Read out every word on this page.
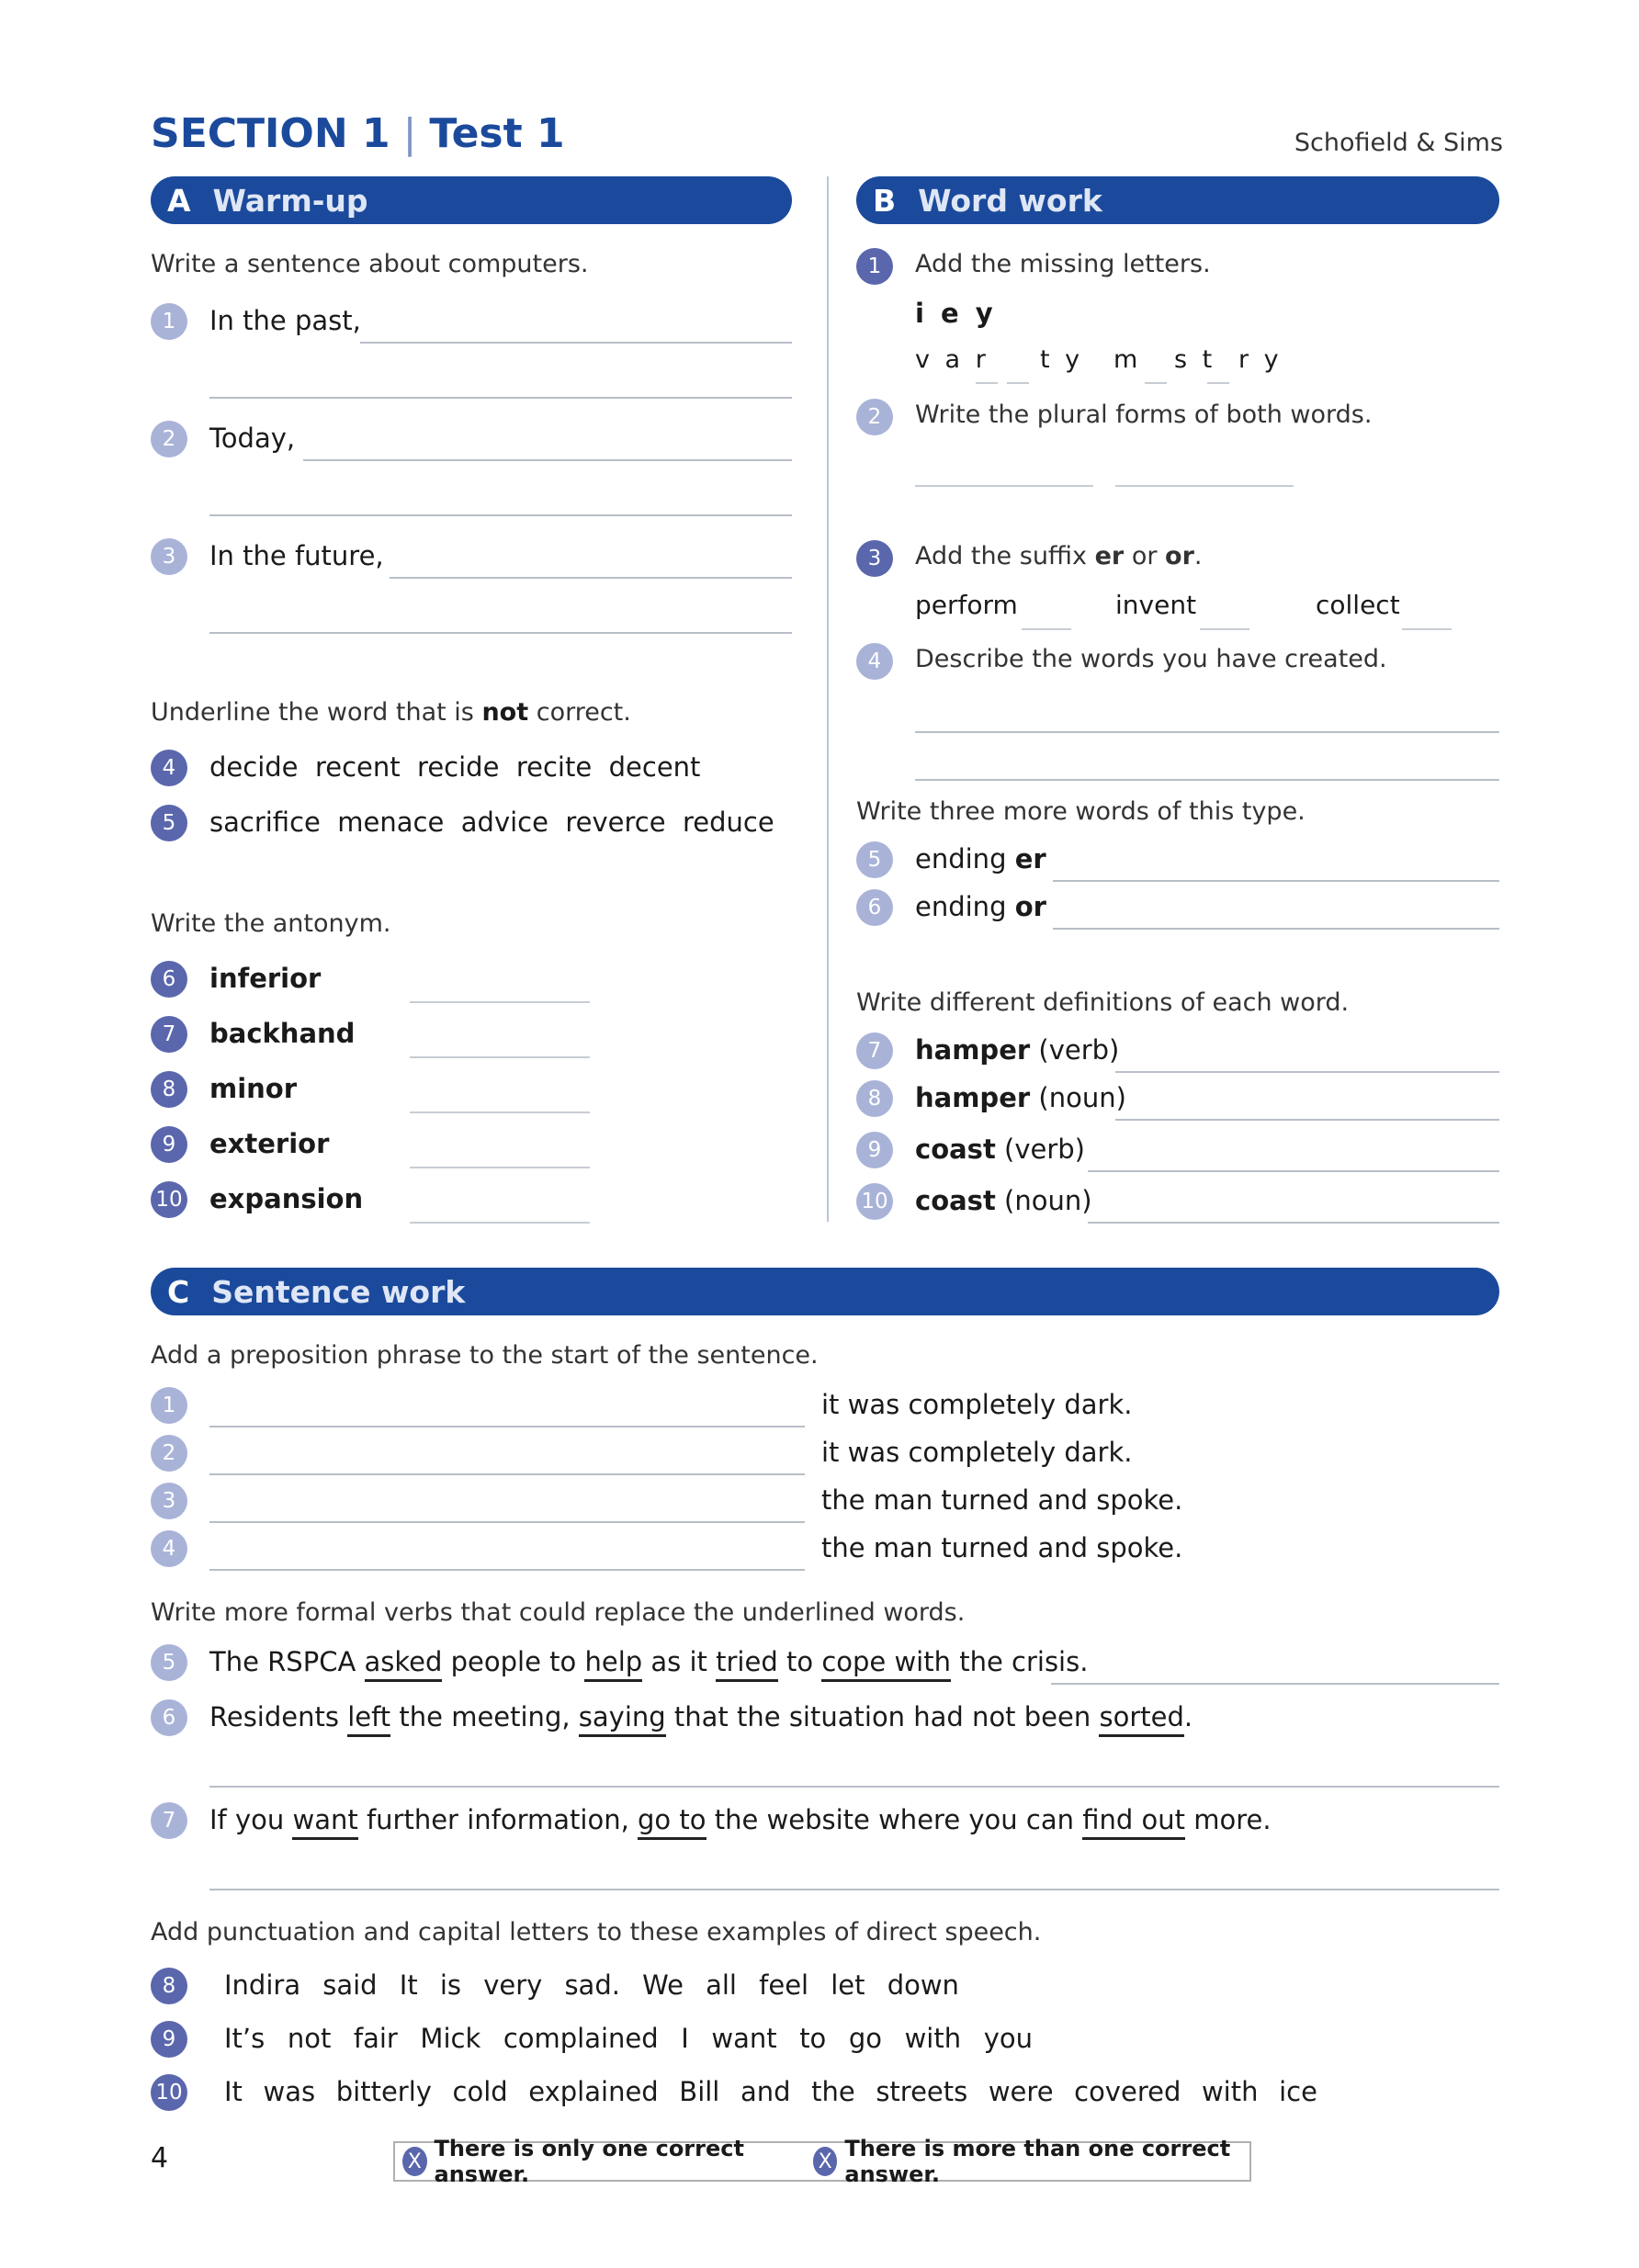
SECTION 1 | Test 1	Schofield & Sims
A Warm-up	B Word work
Write a sentence about computers.
1	In the past,
2	Today,
3	In the future,
Underline the word that is not correct.
4	decide  recent  recide  recite  decent
5	sacrifice  menace  advice  reverce  reduce
Write the antonym.
6	inferior
7	backhand
8	minor
9	exterior
10 expansion
1	Add the missing letters.
i e y
v a r t y m s t r y
2	Write the plural forms of both words.
3	Add the suffix er or or.
perform	invent	collect
4	Describe the words you have created.
Write three more words of this type.
5	ending er
6	ending or
Write different definitions of each word.
7	hamper (verb)
8	hamper (noun)
9	coast (verb)
10 coast (noun)
C Sentence work
Add a preposition phrase to the start of the sentence.
1	it was completely dark.
2	it was completely dark.
3	the man turned and spoke.
4	the man turned and spoke.
Write more formal verbs that could replace the underlined words.
5	The RSPCA asked people to help as it tried to cope with the crisis.
6	Residents left the meeting, saying that the situation had not been sorted.
7	If you want further information, go to the website where you can find out more.
Add punctuation and capital letters to these examples of direct speech.
8	Indira said It is very sad. We all feel let down
9	It’s not fair Mick complained I want to go with you
10 It was bitterly cold explained Bill and the streets were covered with ice
4	X There is only one correct answer.	X There is more than one correct answer.
